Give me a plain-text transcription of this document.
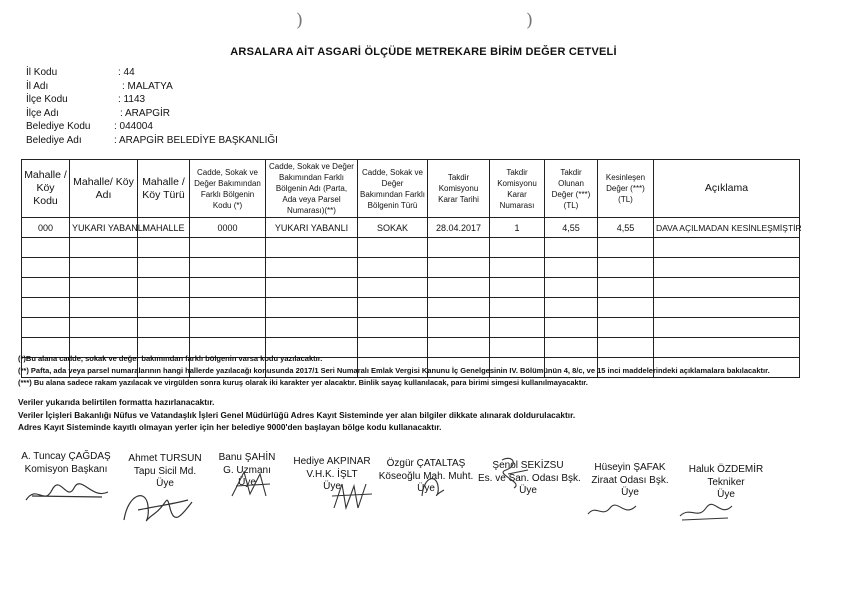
)	)
ARSALARA AİT ASGARİ ÖLÇÜDE METREKARE BİRİM DEĞER CETVELİ
İl Kodu	: 44
İl Adı	: MALATYA
İlçe Kodu	: 1143
İlçe Adı	: ARAPGİR
Belediye Kodu : 044004
Belediye Adı	: ARAPGİR BELEDİYE BAŞKANLIĞI
Mahalle / Köy Kodu	Mahalle/ Köy Adı	Mahalle / Köy Türü	Cadde, Sokak ve Değer Bakımından Farklı Bölgenin Kodu (*)	Cadde, Sokak ve Değer Bakımından Farklı Bölgenin Adı (Parta, Ada veya Parsel Numarası)(**)	Cadde, Sokak ve Değer Bakımından Farklı Bölgenin Türü	Takdir Komisyonu Karar Tarihi	Takdir Komisyonu Karar Numarası	Takdir Olunan Değer (***) (TL)	Kesinleşen Değer (***) (TL)	Açıklama
000	YUKARI YABANLI	MAHALLE	0000	YUKARI YABANLI	SOKAK	28.04.2017	1	4,55	4,55	DAVA AÇILMADAN KESİNLEŞMİŞTİR

(*)Bu alana cadde, sokak ve değer bakımından farklı bölgenin varsa kodu yazılacaktır.
(**) Pafta, ada veya parsel numaralarının hangi hallerde yazılacağı konusunda 2017/1 Seri Numaralı Emlak Vergisi Kanunu İç Genelgesinin IV. Bölümünün 4, 8/c, ve 15 inci maddelerindeki açıklamalara bakılacaktır.
(***) Bu alana sadece rakam yazılacak ve virgülden sonra kuruş olarak iki karakter yer alacaktır. Binlik sayaç kullanılacak, para birimi simgesi kullanılmayacaktır.
Veriler yukarıda belirtilen formatta hazırlanacaktır.
Veriler İçişleri Bakanlığı Nüfus ve Vatandaşlık İşleri Genel Müdürlüğü Adres Kayıt Sisteminde yer alan bilgiler dikkate alınarak doldurulacaktır.
Adres Kayıt Sisteminde kayıtlı olmayan yerler için her belediye 9000'den başlayan bölge kodu kullanacaktır.
A. Tuncay ÇAĞDAŞ
Komisyon Başkanı
Ahmet TURSUN
Tapu Sicil Md.
Üye
Banu ŞAHİN
G. Uzmanı
Üye
Hediye AKPINAR
V.H.K. İŞLT
Üye
Özgür ÇATALTAŞ
Köseoğlu Mah. Muht.
Üye
Şenol SEKİZSU
Es. ve San. Odası Bşk.
Üye
Hüseyin ŞAFAK
Ziraat Odası Bşk.
Üye
Haluk ÖZDEMİR
Tekniker
Üye
